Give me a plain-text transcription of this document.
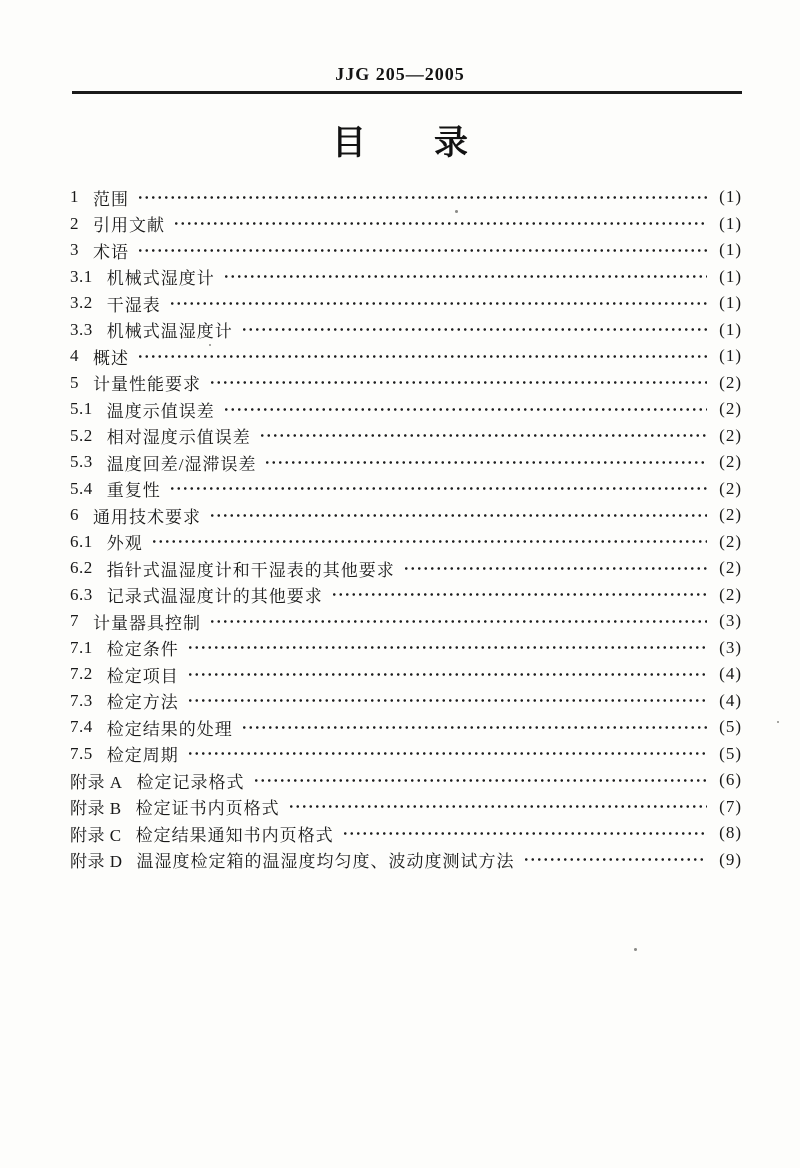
JJG 205—2005
目　　录
1 范围	(1)
2 引用文献	(1)
3 术语	(1)
3.1 机械式湿度计	(1)
3.2 干湿表	(1)
3.3 机械式温湿度计	(1)
4 概述	(1)
5 计量性能要求	(2)
5.1 温度示值误差	(2)
5.2 相对湿度示值误差	(2)
5.3 温度回差/湿滞误差	(2)
5.4 重复性	(2)
6 通用技术要求	(2)
6.1 外观	(2)
6.2 指针式温湿度计和干湿表的其他要求	(2)
6.3 记录式温湿度计的其他要求	(2)
7 计量器具控制	(3)
7.1 检定条件	(3)
7.2 检定项目	(4)
7.3 检定方法	(4)
7.4 检定结果的处理	(5)
7.5 检定周期	(5)
附录 A 检定记录格式	(6)
附录 B 检定证书内页格式	(7)
附录 C 检定结果通知书内页格式	(8)
附录 D 温湿度检定箱的温湿度均匀度、波动度测试方法	(9)
